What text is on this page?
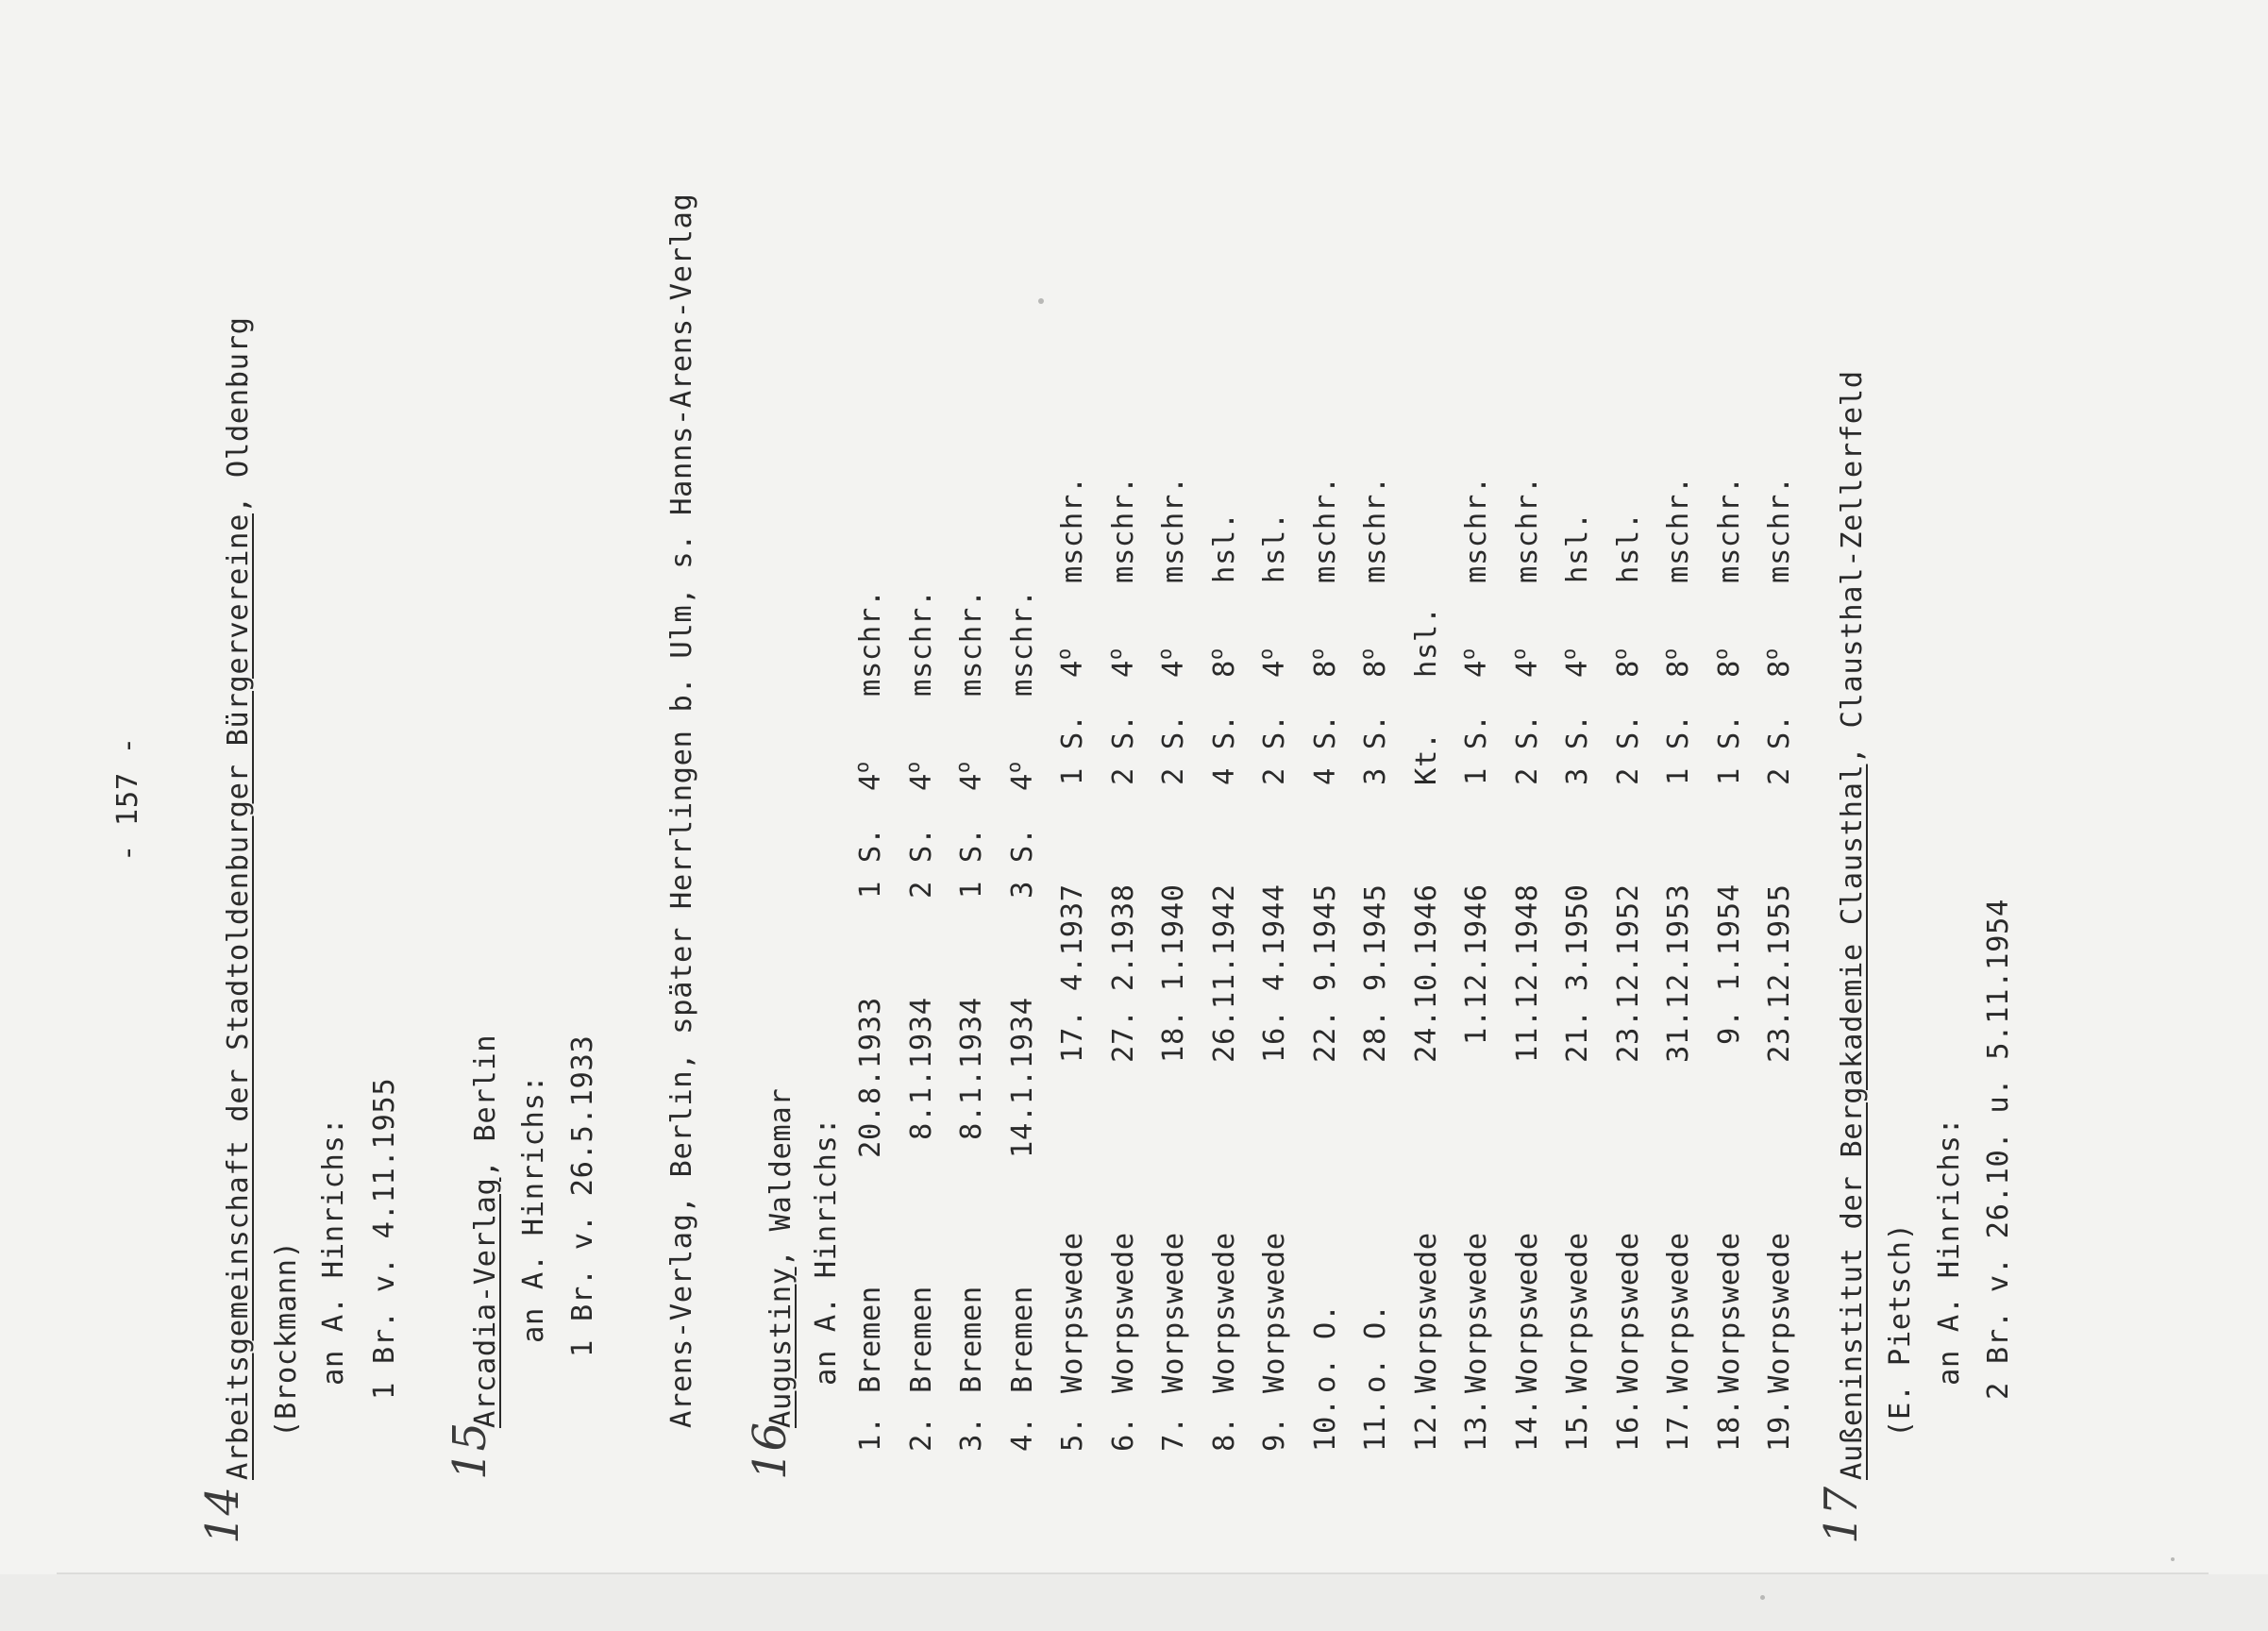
- 157 -
14
Arbeitsgemeinschaft der Stadtoldenburger Bürgervereine, Oldenburg
(Brockmann) an A. Hinrichs: 1 Br. v. 4.11.1955
15
Arcadia-Verlag, Berlin an A. Hinrichs: 1 Br. v. 26.5.1933 Arens-Verlag, Berlin, später Herrlingen b. Ulm, s. Hanns-Arens-Verlag
16
Augustiny, Waldemar an A. Hinrichs:
1.
Bremen
20.8.1933
1 S.
4$^o$
mschr.
2.
Bremen
8.1.1934
2 S.
4$^o$
mschr.
3.
Bremen
8.1.1934
1 S.
4$^o$
mschr.
4.
Bremen
14.1.1934
3 S.
4$^o$
mschr.
5.
Worpswede
17. 4.1937
1 S.
4$^o$
mschr.
6.
Worpswede
27. 2.1938
2 S.
4$^o$
mschr.
7.
Worpswede
18. 1.1940
2 S.
4$^o$
mschr.
8.
Worpswede
26.11.1942
4 S.
8$^o$
hsl.
9.
Worpswede
16. 4.1944
2 S.
4$^o$
hsl.
10.
o. O.
22. 9.1945
4 S.
8$^o$
mschr.
11.
o. O.
28. 9.1945
3 S.
8$^o$
mschr.
12.
Worpswede
24.10.1946
Kt.
hsl.
13.
Worpswede
1.12.1946
1 S.
4$^o$
mschr.
14.
Worpswede
11.12.1948
2 S.
4$^o$
mschr.
15.
Worpswede
21. 3.1950
3 S.
4$^o$
hsl.
16.
Worpswede
23.12.1952
2 S.
8$^o$
hsl.
17.
Worpswede
31.12.1953
1 S.
8$^o$
mschr.
18.
Worpswede
9. 1.1954
1 S.
8$^o$
mschr.
19.
Worpswede
23.12.1955
2 S.
8$^o$
mschr.
17
Außeninstitut der Bergakademie Clausthal, Clausthal-Zellerfeld
(E. Pietsch) an A. Hinrichs: 2 Br. v. 26.10. u. 5.11.1954
